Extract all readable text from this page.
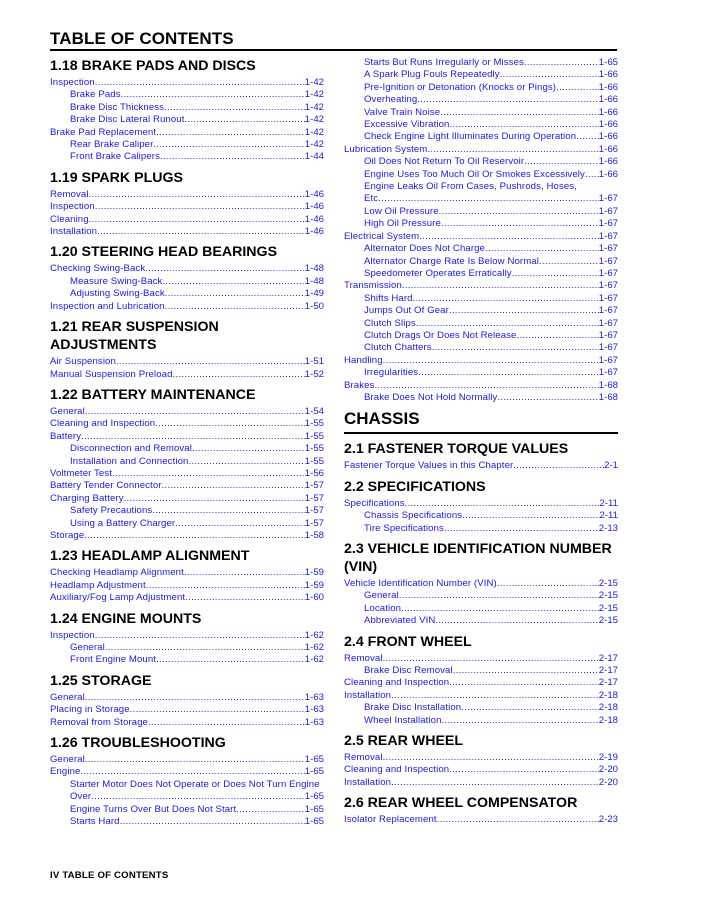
TABLE OF CONTENTS
1.18 BRAKE PADS AND DISCS
Inspection .....	1-42
Brake Pads .....	1-42
Brake Disc Thickness .....	1-42
Brake Disc Lateral Runout .....	1-42
Brake Pad Replacement .....	1-42
Rear Brake Caliper .....	1-42
Front Brake Calipers .....	1-44
1.19 SPARK PLUGS
Removal .....	1-46
Inspection .....	1-46
Cleaning .....	1-46
Installation .....	1-46
1.20 STEERING HEAD BEARINGS
Checking Swing-Back .....	1-48
Measure Swing-Back .....	1-48
Adjusting Swing-Back .....	1-49
Inspection and Lubrication .....	1-50
1.21 REAR SUSPENSION ADJUSTMENTS
Air Suspension .....	1-51
Manual Suspension Preload .....	1-52
1.22 BATTERY MAINTENANCE
General .....	1-54
Cleaning and Inspection .....	1-55
Battery .....	1-55
Disconnection and Removal .....	1-55
Installation and Connection .....	1-55
Voltmeter Test .....	1-56
Battery Tender Connector .....	1-57
Charging Battery .....	1-57
Safety Precautions .....	1-57
Using a Battery Charger .....	1-57
Storage .....	1-58
1.23 HEADLAMP ALIGNMENT
Checking Headlamp Alignment .....	1-59
Headlamp Adjustment .....	1-59
Auxiliary/Fog Lamp Adjustment .....	1-60
1.24 ENGINE MOUNTS
Inspection .....	1-62
General .....	1-62
Front Engine Mount .....	1-62
1.25 STORAGE
General .....	1-63
Placing in Storage .....	1-63
Removal from Storage .....	1-63
1.26 TROUBLESHOOTING
General .....	1-65
Engine .....	1-65
Starter Motor Does Not Operate or Does Not Turn Engine
Over .....	1-65
Engine Turns Over But Does Not Start .....	1-65
Starts Hard .....	1-65
Starts But Runs Irregularly or Misses .....	1-65
A Spark Plug Fouls Repeatedly .....	1-66
Pre-Ignition or Detonation (Knocks or Pings) .....	1-66
Overheating .....	1-66
Valve Train Noise .....	1-66
Excessive Vibration .....	1-66
Check Engine Light Illuminates During Operation ..... 1-66
Lubrication System .....	1-66
Oil Does Not Return To Oil Reservoir .....	1-66
Engine Uses Too Much Oil Or Smokes Excessively ..... 1-66
Engine Leaks Oil From Cases, Pushrods, Hoses,
Etc .....	1-67
Low Oil Pressure .....	1-67
High Oil Pressure .....	1-67
Electrical System .....	1-67
Alternator Does Not Charge .....	1-67
Alternator Charge Rate Is Below Normal .....	1-67
Speedometer Operates Erratically .....	1-67
Transmission .....	1-67
Shifts Hard .....	1-67
Jumps Out Of Gear .....	1-67
Clutch Slips .....	1-67
Clutch Drags Or Does Not Release .....	1-67
Clutch Chatters .....	1-67
Handling .....	1-67
Irregularities .....	1-67
Brakes .....	1-68
Brake Does Not Hold Normally .....	1-68
CHASSIS
2.1 FASTENER TORQUE VALUES
Fastener Torque Values in this Chapter .....	2-1
2.2 SPECIFICATIONS
Specifications .....	2-11
Chassis Specifications .....	2-11
Tire Specifications .....	2-13
2.3 VEHICLE IDENTIFICATION NUMBER (VIN)
Vehicle Identification Number (VIN) .....	2-15
General .....	2-15
Location .....	2-15
Abbreviated VIN .....	2-15
2.4 FRONT WHEEL
Removal .....	2-17
Brake Disc Removal .....	2-17
Cleaning and Inspection .....	2-17
Installation .....	2-18
Brake Disc Installation .....	2-18
Wheel Installation .....	2-18
2.5 REAR WHEEL
Removal .....	2-19
Cleaning and Inspection .....	2-20
Installation .....	2-20
2.6 REAR WHEEL COMPENSATOR
Isolator Replacement .....	2-23
IV TABLE OF CONTENTS
